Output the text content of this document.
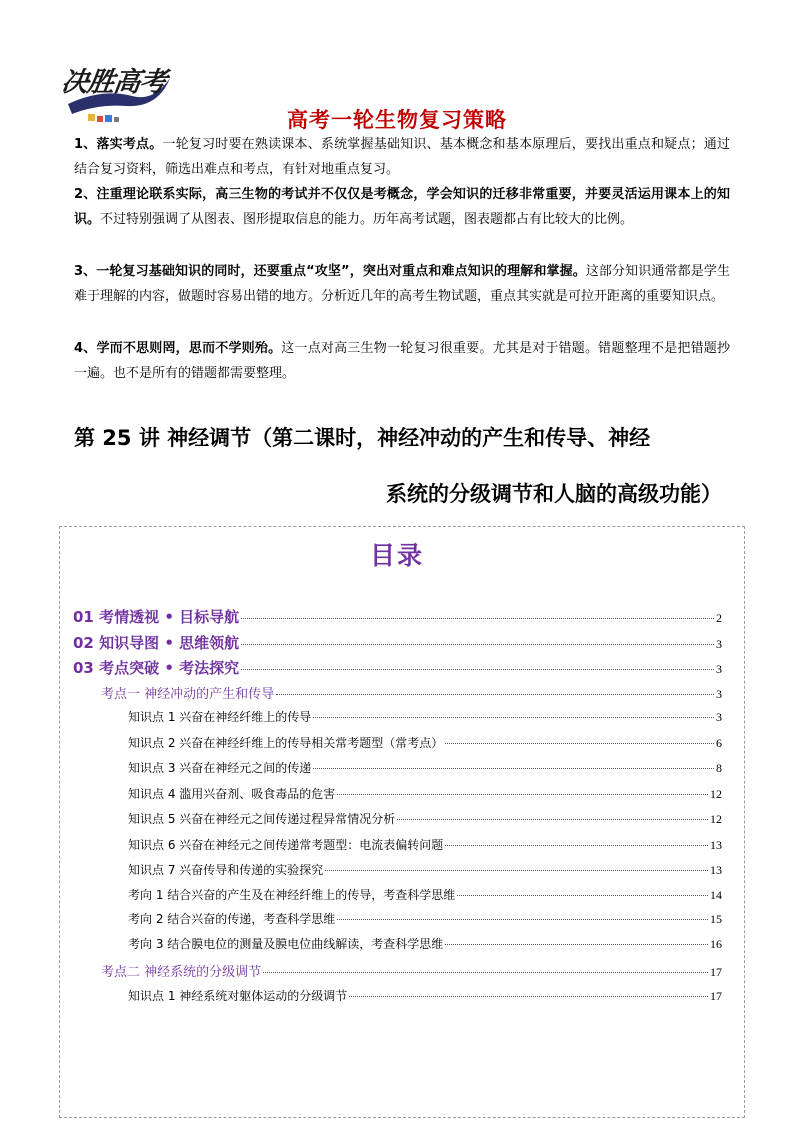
决胜高考
高考一轮生物复习策略
1、落实考点。一轮复习时要在熟读课本、系统掌握基础知识、基本概念和基本原理后，要找出重点和疑点；通过结合复习资料，筛选出难点和考点，有针对地重点复习。
2、注重理论联系实际，高三生物的考试并不仅仅是考概念，学会知识的迁移非常重要，并要灵活运用课本上的知识。不过特别强调了从图表、图形提取信息的能力。历年高考试题，图表题都占有比较大的比例。
3、一轮复习基础知识的同时，还要重点“攻坚”，突出对重点和难点知识的理解和掌握。这部分知识通常都是学生难于理解的内容，做题时容易出错的地方。分析近几年的高考生物试题，重点其实就是可拉开距离的重要知识点。
4、学而不思则罔，思而不学则殆。这一点对高三生物一轮复习很重要。尤其是对于错题。错题整理不是把错题抄一遍。也不是所有的错题都需要整理。
第 25 讲 神经调节（第二课时，神经冲动的产生和传导、神经
系统的分级调节和人脑的高级功能）
目录
01 考情透视 • 目标导航	2
02 知识导图 • 思维领航	3
03 考点突破 • 考法探究	3
考点一 神经冲动的产生和传导	3
知识点 1 兴奋在神经纤维上的传导	3
知识点 2 兴奋在神经纤维上的传导相关常考题型（常考点）	6
知识点 3 兴奋在神经元之间的传递	8
知识点 4 滥用兴奋剂、吸食毒品的危害	12
知识点 5 兴奋在神经元之间传递过程异常情况分析	12
知识点 6 兴奋在神经元之间传递常考题型：电流表偏转问题	13
知识点 7 兴奋传导和传递的实验探究	13
考向 1 结合兴奋的产生及在神经纤维上的传导，考查科学思维	14
考向 2 结合兴奋的传递，考查科学思维	15
考向 3 结合膜电位的测量及膜电位曲线解读，考查科学思维	16
考点二 神经系统的分级调节	17
知识点 1 神经系统对躯体运动的分级调节	17
